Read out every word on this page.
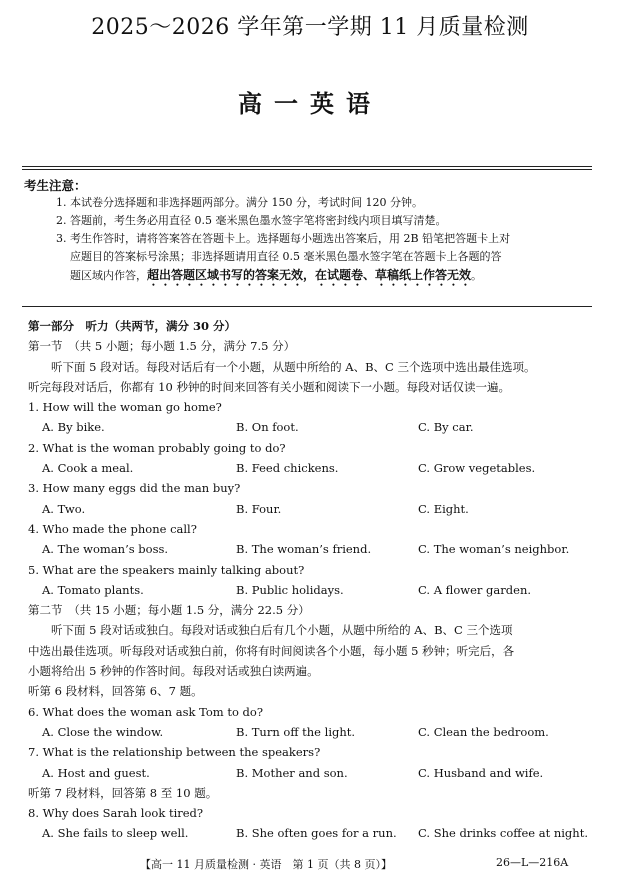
2025～2026 学年第一学期 11 月质量检测
高一英语
考生注意：
1. 本试卷分选择题和非选择题两部分。满分 150 分，考试时间 120 分钟。
2. 答题前，考生务必用直径 0.5 毫米黑色墨水签字笔将密封线内项目填写清楚。
3. 考生作答时，请将答案答在答题卡上。选择题每小题选出答案后，用 2B 铅笔把答题卡上对
应题目的答案标号涂黑；非选择题请用直径 0.5 毫米黑色墨水签字笔在答题卡上各题的答
题区域内作答，超出答题区域书写的答案无效，在试题卷、草稿纸上作答无效。
第一部分　听力（共两节，满分 30 分）
第一节　（共 5 小题；每小题 1.5 分，满分 7.5 分）
听下面 5 段对话。每段对话后有一个小题，从题中所给的 A、B、C 三个选项中选出最佳选项。
听完每段对话后，你都有 10 秒钟的时间来回答有关小题和阅读下一小题。每段对话仅读一遍。
1. How will the woman go home?
A. By bike.	B. On foot.	C. By car.
2. What is the woman probably going to do?
A. Cook a meal.	B. Feed chickens.	C. Grow vegetables.
3. How many eggs did the man buy?
A. Two.	B. Four.	C. Eight.
4. Who made the phone call?
A. The woman’s boss.	B. The woman’s friend.	C. The woman’s neighbor.
5. What are the speakers mainly talking about?
A. Tomato plants.	B. Public holidays.	C. A flower garden.
第二节　（共 15 小题；每小题 1.5 分，满分 22.5 分）
听下面 5 段对话或独白。每段对话或独白后有几个小题，从题中所给的 A、B、C 三个选项
中选出最佳选项。听每段对话或独白前，你将有时间阅读各个小题，每小题 5 秒钟；听完后，各
小题将给出 5 秒钟的作答时间。每段对话或独白读两遍。
听第 6 段材料，回答第 6、7 题。
6. What does the woman ask Tom to do?
A. Close the window.	B. Turn off the light.	C. Clean the bedroom.
7. What is the relationship between the speakers?
A. Host and guest.	B. Mother and son.	C. Husband and wife.
听第 7 段材料，回答第 8 至 10 题。
8. Why does Sarah look tired?
A. She fails to sleep well.	B. She often goes for a run.	C. She drinks coffee at night.
【高一 11 月质量检测 · 英语　第 1 页（共 8 页）】	26—L—216A
